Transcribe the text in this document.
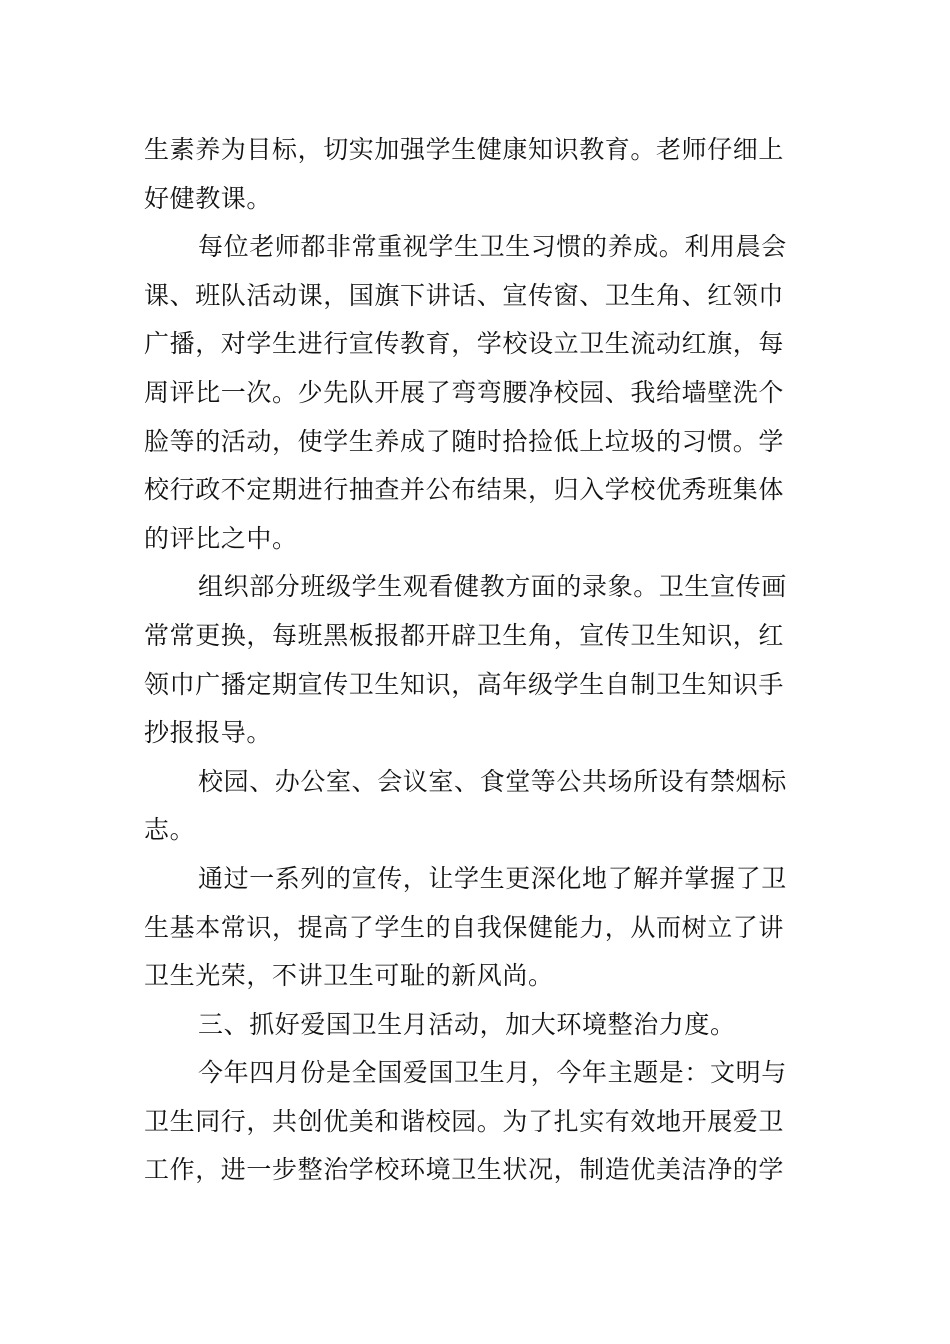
生素养为目标，切实加强学生健康知识教育。老师仔细上
好健教课。
每位老师都非常重视学生卫生习惯的养成。利用晨会
课、班队活动课，国旗下讲话、宣传窗、卫生角、红领巾
广播，对学生进行宣传教育，学校设立卫生流动红旗，每
周评比一次。少先队开展了弯弯腰净校园、我给墙壁洗个
脸等的活动，使学生养成了随时拾捡低上垃圾的习惯。学
校行政不定期进行抽查并公布结果，归入学校优秀班集体
的评比之中。
组织部分班级学生观看健教方面的录象。卫生宣传画
常常更换，每班黑板报都开辟卫生角，宣传卫生知识，红
领巾广播定期宣传卫生知识，高年级学生自制卫生知识手
抄报报导。
校园、办公室、会议室、食堂等公共场所设有禁烟标
志。
通过一系列的宣传，让学生更深化地了解并掌握了卫
生基本常识，提高了学生的自我保健能力，从而树立了讲
卫生光荣，不讲卫生可耻的新风尚。
三、抓好爱国卫生月活动，加大环境整治力度。
今年四月份是全国爱国卫生月，今年主题是：文明与
卫生同行，共创优美和谐校园。为了扎实有效地开展爱卫
工作，进一步整治学校环境卫生状况，制造优美洁净的学
